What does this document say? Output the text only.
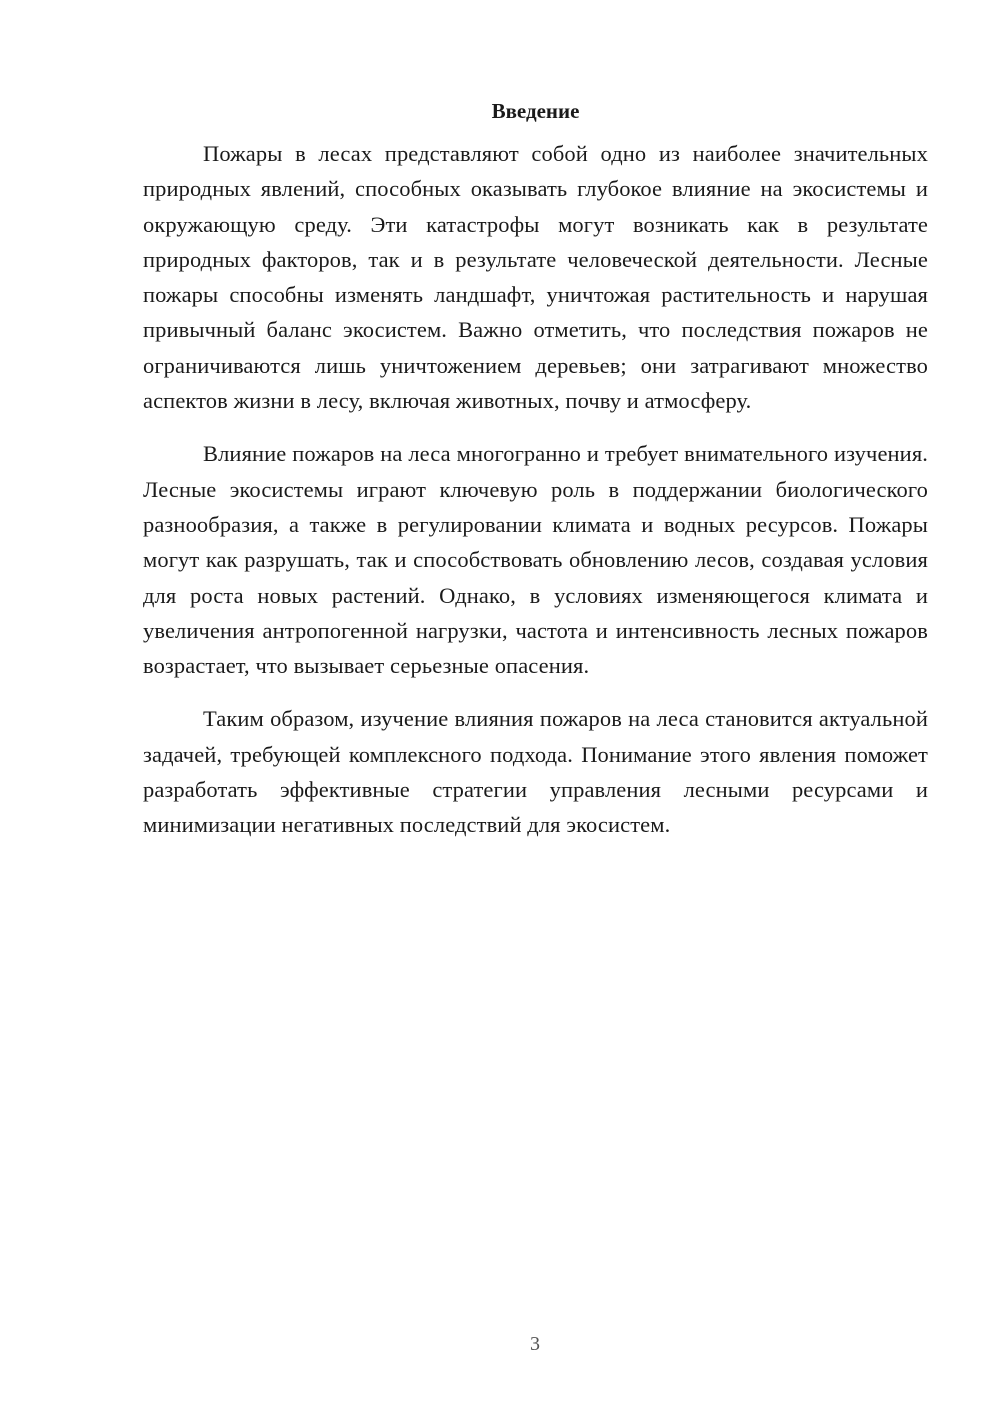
Введение

Пожары в лесах представляют собой одно из наиболее значительных природных явлений, способных оказывать глубокое влияние на экосистемы и окружающую среду. Эти катастрофы могут возникать как в результате природных факторов, так и в результате человеческой деятельности. Лесные пожары способны изменять ландшафт, уничтожая растительность и нарушая привычный баланс экосистем. Важно отметить, что последствия пожаров не ограничиваются лишь уничтожением деревьев; они затрагивают множество аспектов жизни в лесу, включая животных, почву и атмосферу.

Влияние пожаров на леса многогранно и требует внимательного изучения. Лесные экосистемы играют ключевую роль в поддержании биологического разнообразия, а также в регулировании климата и водных ресурсов. Пожары могут как разрушать, так и способствовать обновлению лесов, создавая условия для роста новых растений. Однако, в условиях изменяющегося климата и увеличения антропогенной нагрузки, частота и интенсивность лесных пожаров возрастает, что вызывает серьезные опасения.

Таким образом, изучение влияния пожаров на леса становится актуальной задачей, требующей комплексного подхода. Понимание этого явления поможет разработать эффективные стратегии управления лесными ресурсами и минимизации негативных последствий для экосистем.

3
